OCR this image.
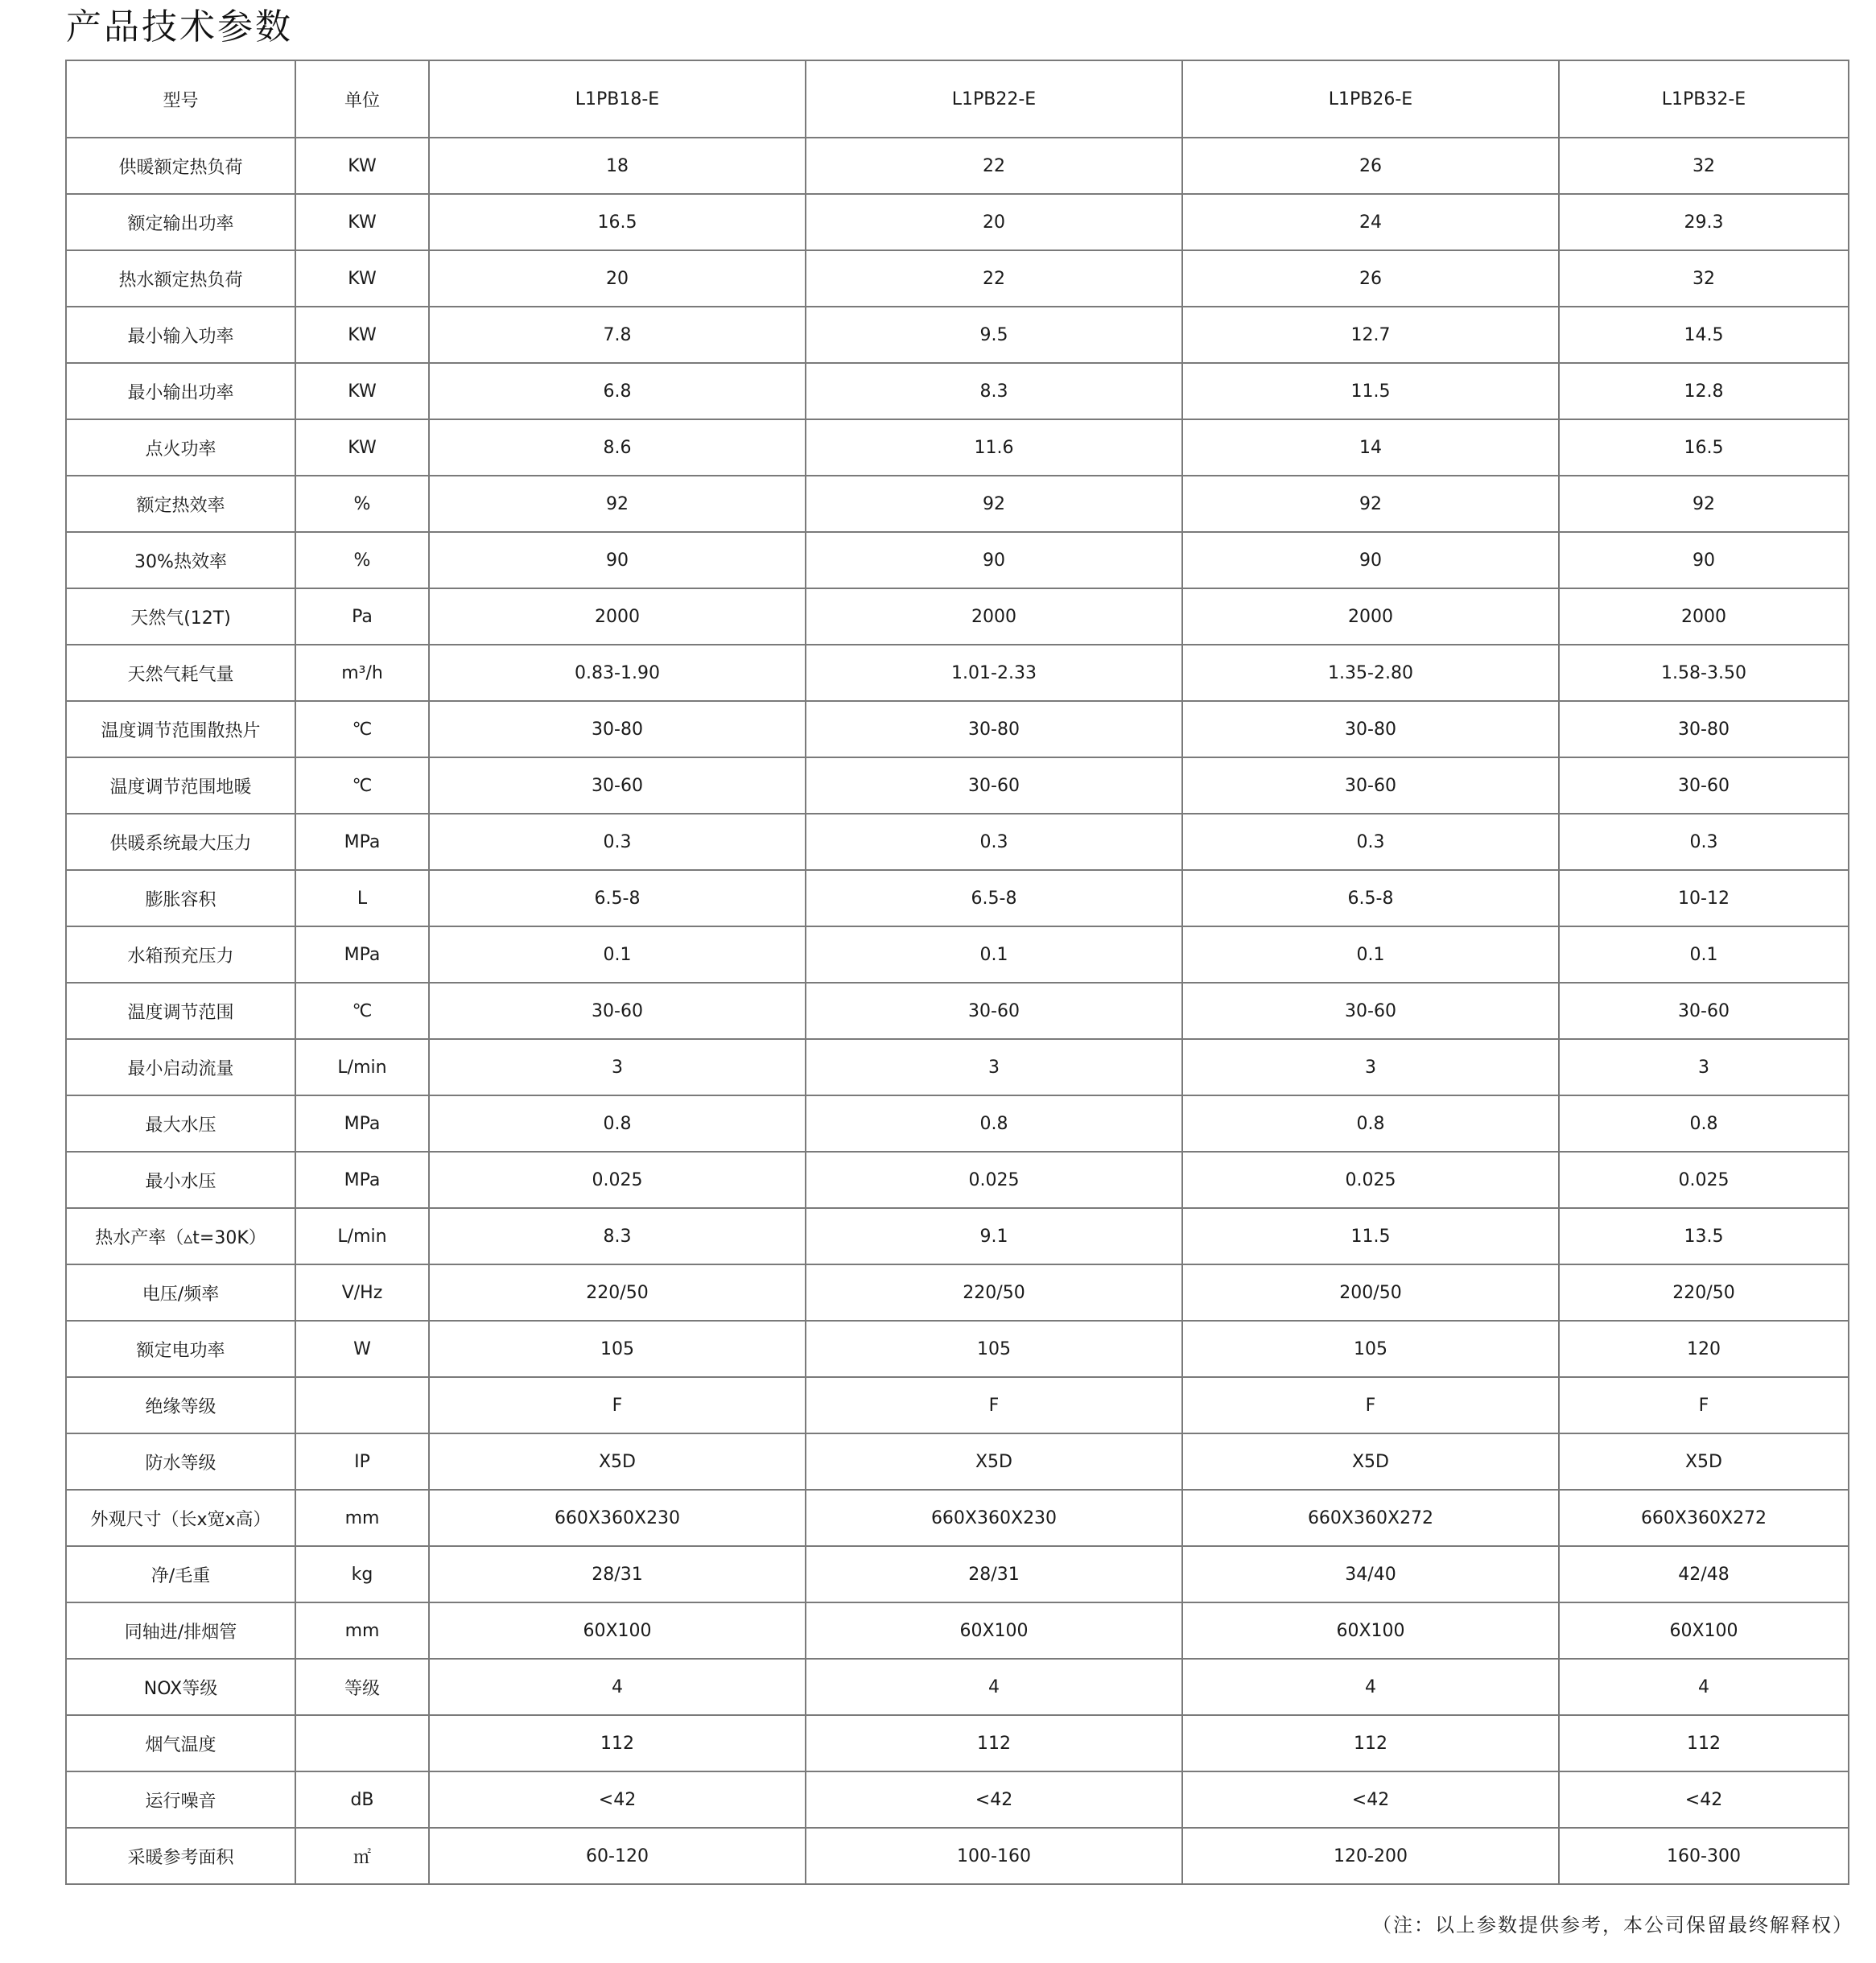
产品技术参数
型号	单位	L1PB18-E	L1PB22-E	L1PB26-E	L1PB32-E
供暖额定热负荷	KW	18	22	26	32
额定输出功率	KW	16.5	20	24	29.3
热水额定热负荷	KW	20	22	26	32
最小输入功率	KW	7.8	9.5	12.7	14.5
最小输出功率	KW	6.8	8.3	11.5	12.8
点火功率	KW	8.6	11.6	14	16.5
额定热效率	%	92	92	92	92
30%热效率	%	90	90	90	90
天然气(12T)	Pa	2000	2000	2000	2000
天然气耗气量	m³/h	0.83-1.90	1.01-2.33	1.35-2.80	1.58-3.50
温度调节范围散热片	℃	30-80	30-80	30-80	30-80
温度调节范围地暖	℃	30-60	30-60	30-60	30-60
供暖系统最大压力	MPa	0.3	0.3	0.3	0.3
膨胀容积	L	6.5-8	6.5-8	6.5-8	10-12
水箱预充压力	MPa	0.1	0.1	0.1	0.1
温度调节范围	℃	30-60	30-60	30-60	30-60
最小启动流量	L/min	3	3	3	3
最大水压	MPa	0.8	0.8	0.8	0.8
最小水压	MPa	0.025	0.025	0.025	0.025
热水产率（▵t=30K）	L/min	8.3	9.1	11.5	13.5
电压/频率	V/Hz	220/50	220/50	200/50	220/50
额定电功率	W	105	105	105	120
绝缘等级		F	F	F	F
防水等级	IP	X5D	X5D	X5D	X5D
外观尺寸（长x宽x高）	mm	660X360X230	660X360X230	660X360X272	660X360X272
净/毛重	kg	28/31	28/31	34/40	42/48
同轴进/排烟管	mm	60X100	60X100	60X100	60X100
NOX等级	等级	4	4	4	4
烟气温度		112	112	112	112
运行噪音	dB	<42	<42	<42	<42
采暖参考面积	㎡	60-120	100-160	120-200	160-300
（注：以上参数提供参考，本公司保留最终解释权）
